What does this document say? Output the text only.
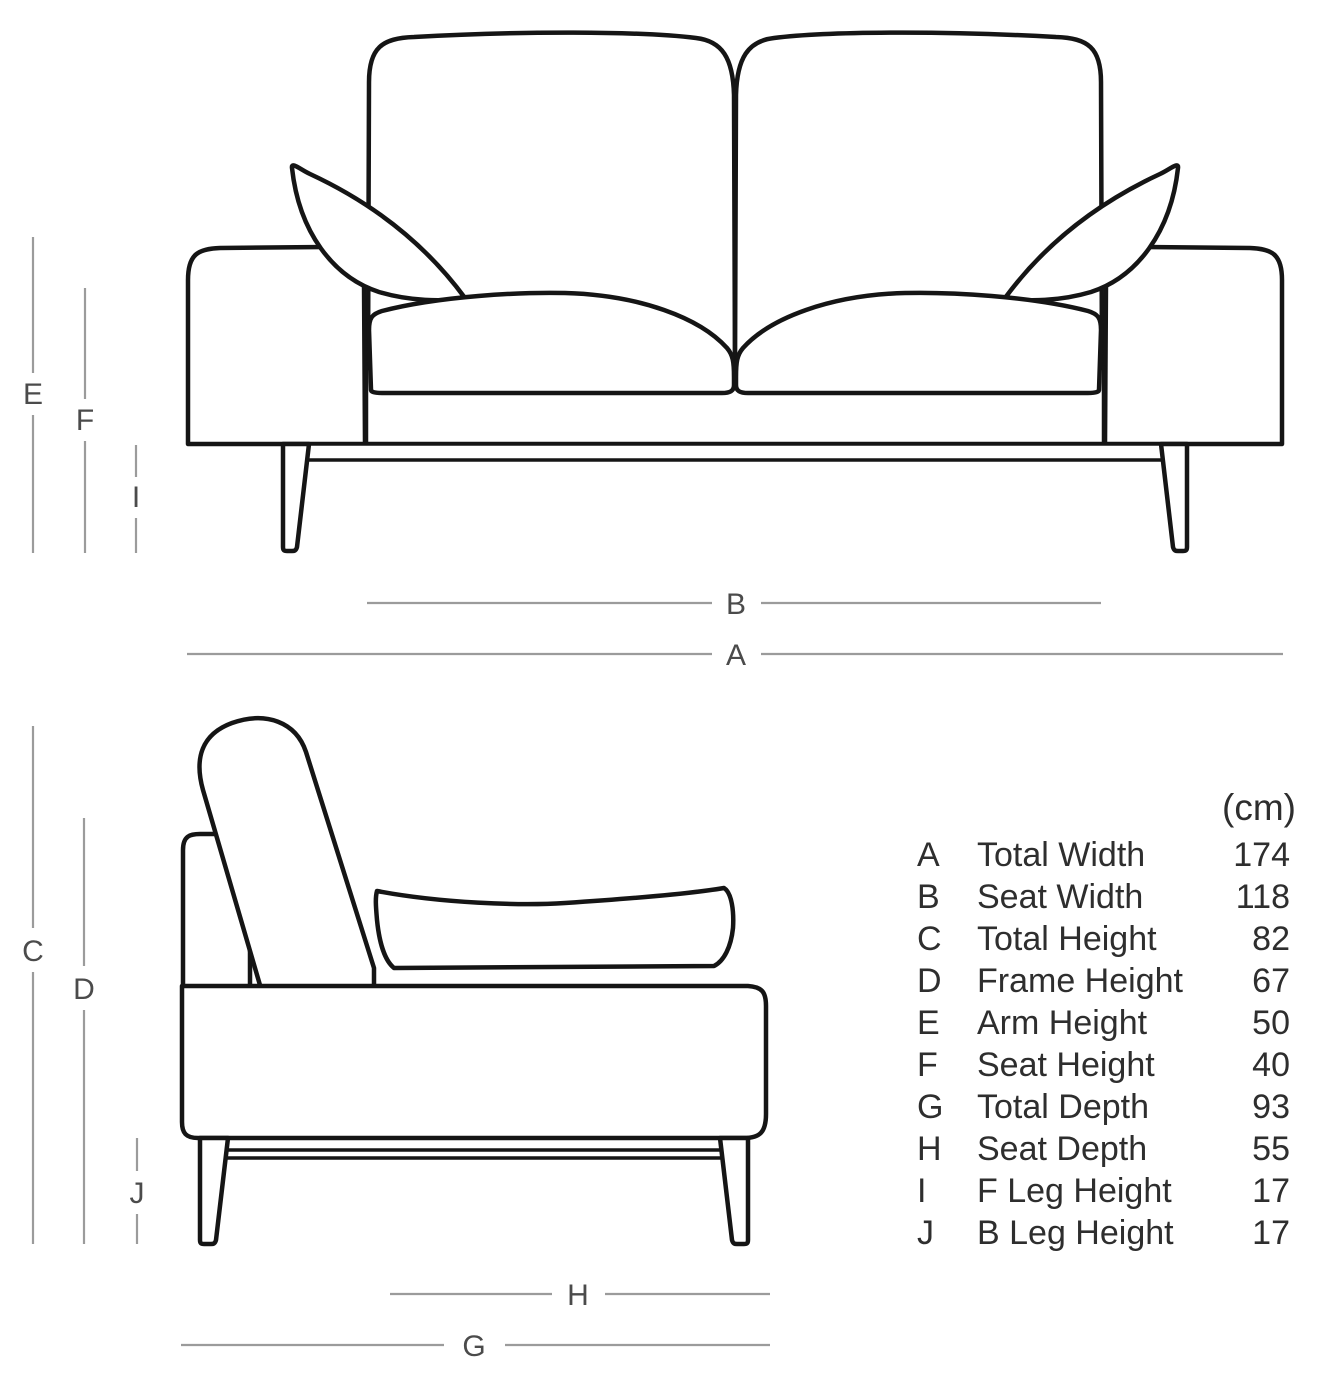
E
F
I
B
A
C
D
J
H
G
(cm)
A	Total Width	174
B	Seat Width	118
C	Total Height	82
D	Frame Height	67
E	Arm Height	50
F	Seat Height	40
G Total Depth	93
H	Seat Depth	55
I	F Leg Height	17
J	B Leg Height	17
